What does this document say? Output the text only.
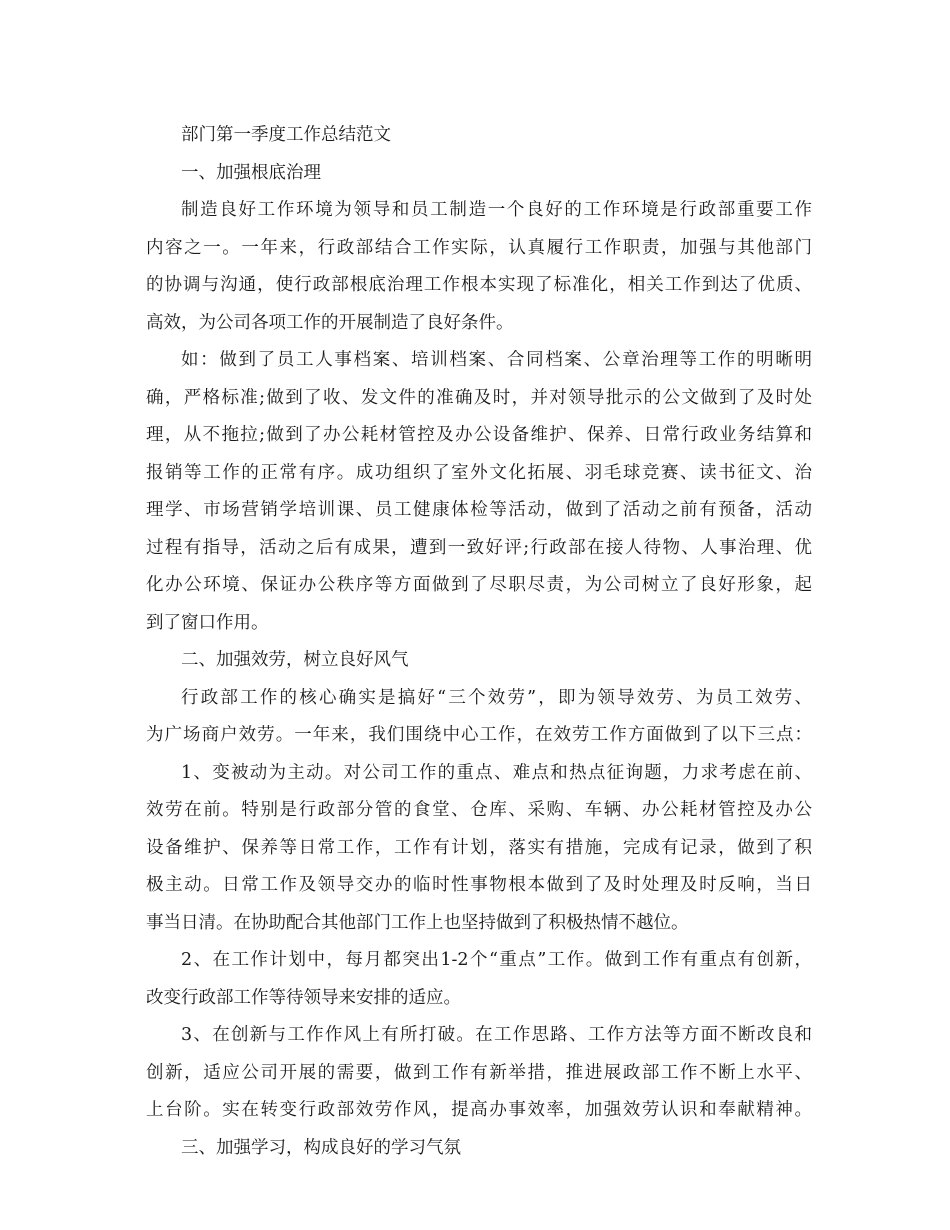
部门第一季度工作总结范文
一、加强根底治理
制造良好工作环境为领导和员工制造一个良好的工作环境是行政部重要工作
内容之一。一年来，行政部结合工作实际，认真履行工作职责，加强与其他部门
的协调与沟通，使行政部根底治理工作根本实现了标准化，相关工作到达了优质、
高效，为公司各项工作的开展制造了良好条件。
如：做到了员工人事档案、培训档案、合同档案、公章治理等工作的明晰明
确，严格标准;做到了收、发文件的准确及时，并对领导批示的公文做到了及时处
理，从不拖拉;做到了办公耗材管控及办公设备维护、保养、日常行政业务结算和
报销等工作的正常有序。成功组织了室外文化拓展、羽毛球竞赛、读书征文、治
理学、市场营销学培训课、员工健康体检等活动，做到了活动之前有预备，活动
过程有指导，活动之后有成果，遭到一致好评;行政部在接人待物、人事治理、优
化办公环境、保证办公秩序等方面做到了尽职尽责，为公司树立了良好形象，起
到了窗口作用。
二、加强效劳，树立良好风气
行政部工作的核心确实是搞好“三个效劳”，即为领导效劳、为员工效劳、
为广场商户效劳。一年来，我们围绕中心工作，在效劳工作方面做到了以下三点：
1、变被动为主动。对公司工作的重点、难点和热点征询题，力求考虑在前、
效劳在前。特别是行政部分管的食堂、仓库、采购、车辆、办公耗材管控及办公
设备维护、保养等日常工作，工作有计划，落实有措施，完成有记录，做到了积
极主动。日常工作及领导交办的临时性事物根本做到了及时处理及时反响，当日
事当日清。在协助配合其他部门工作上也坚持做到了积极热情不越位。
2、在工作计划中，每月都突出1-2个“重点”工作。做到工作有重点有创新，
改变行政部工作等待领导来安排的适应。
3、在创新与工作作风上有所打破。在工作思路、工作方法等方面不断改良和
创新，适应公司开展的需要，做到工作有新举措，推进展政部工作不断上水平、
上台阶。实在转变行政部效劳作风，提高办事效率，加强效劳认识和奉献精神。
三、加强学习，构成良好的学习气氛
